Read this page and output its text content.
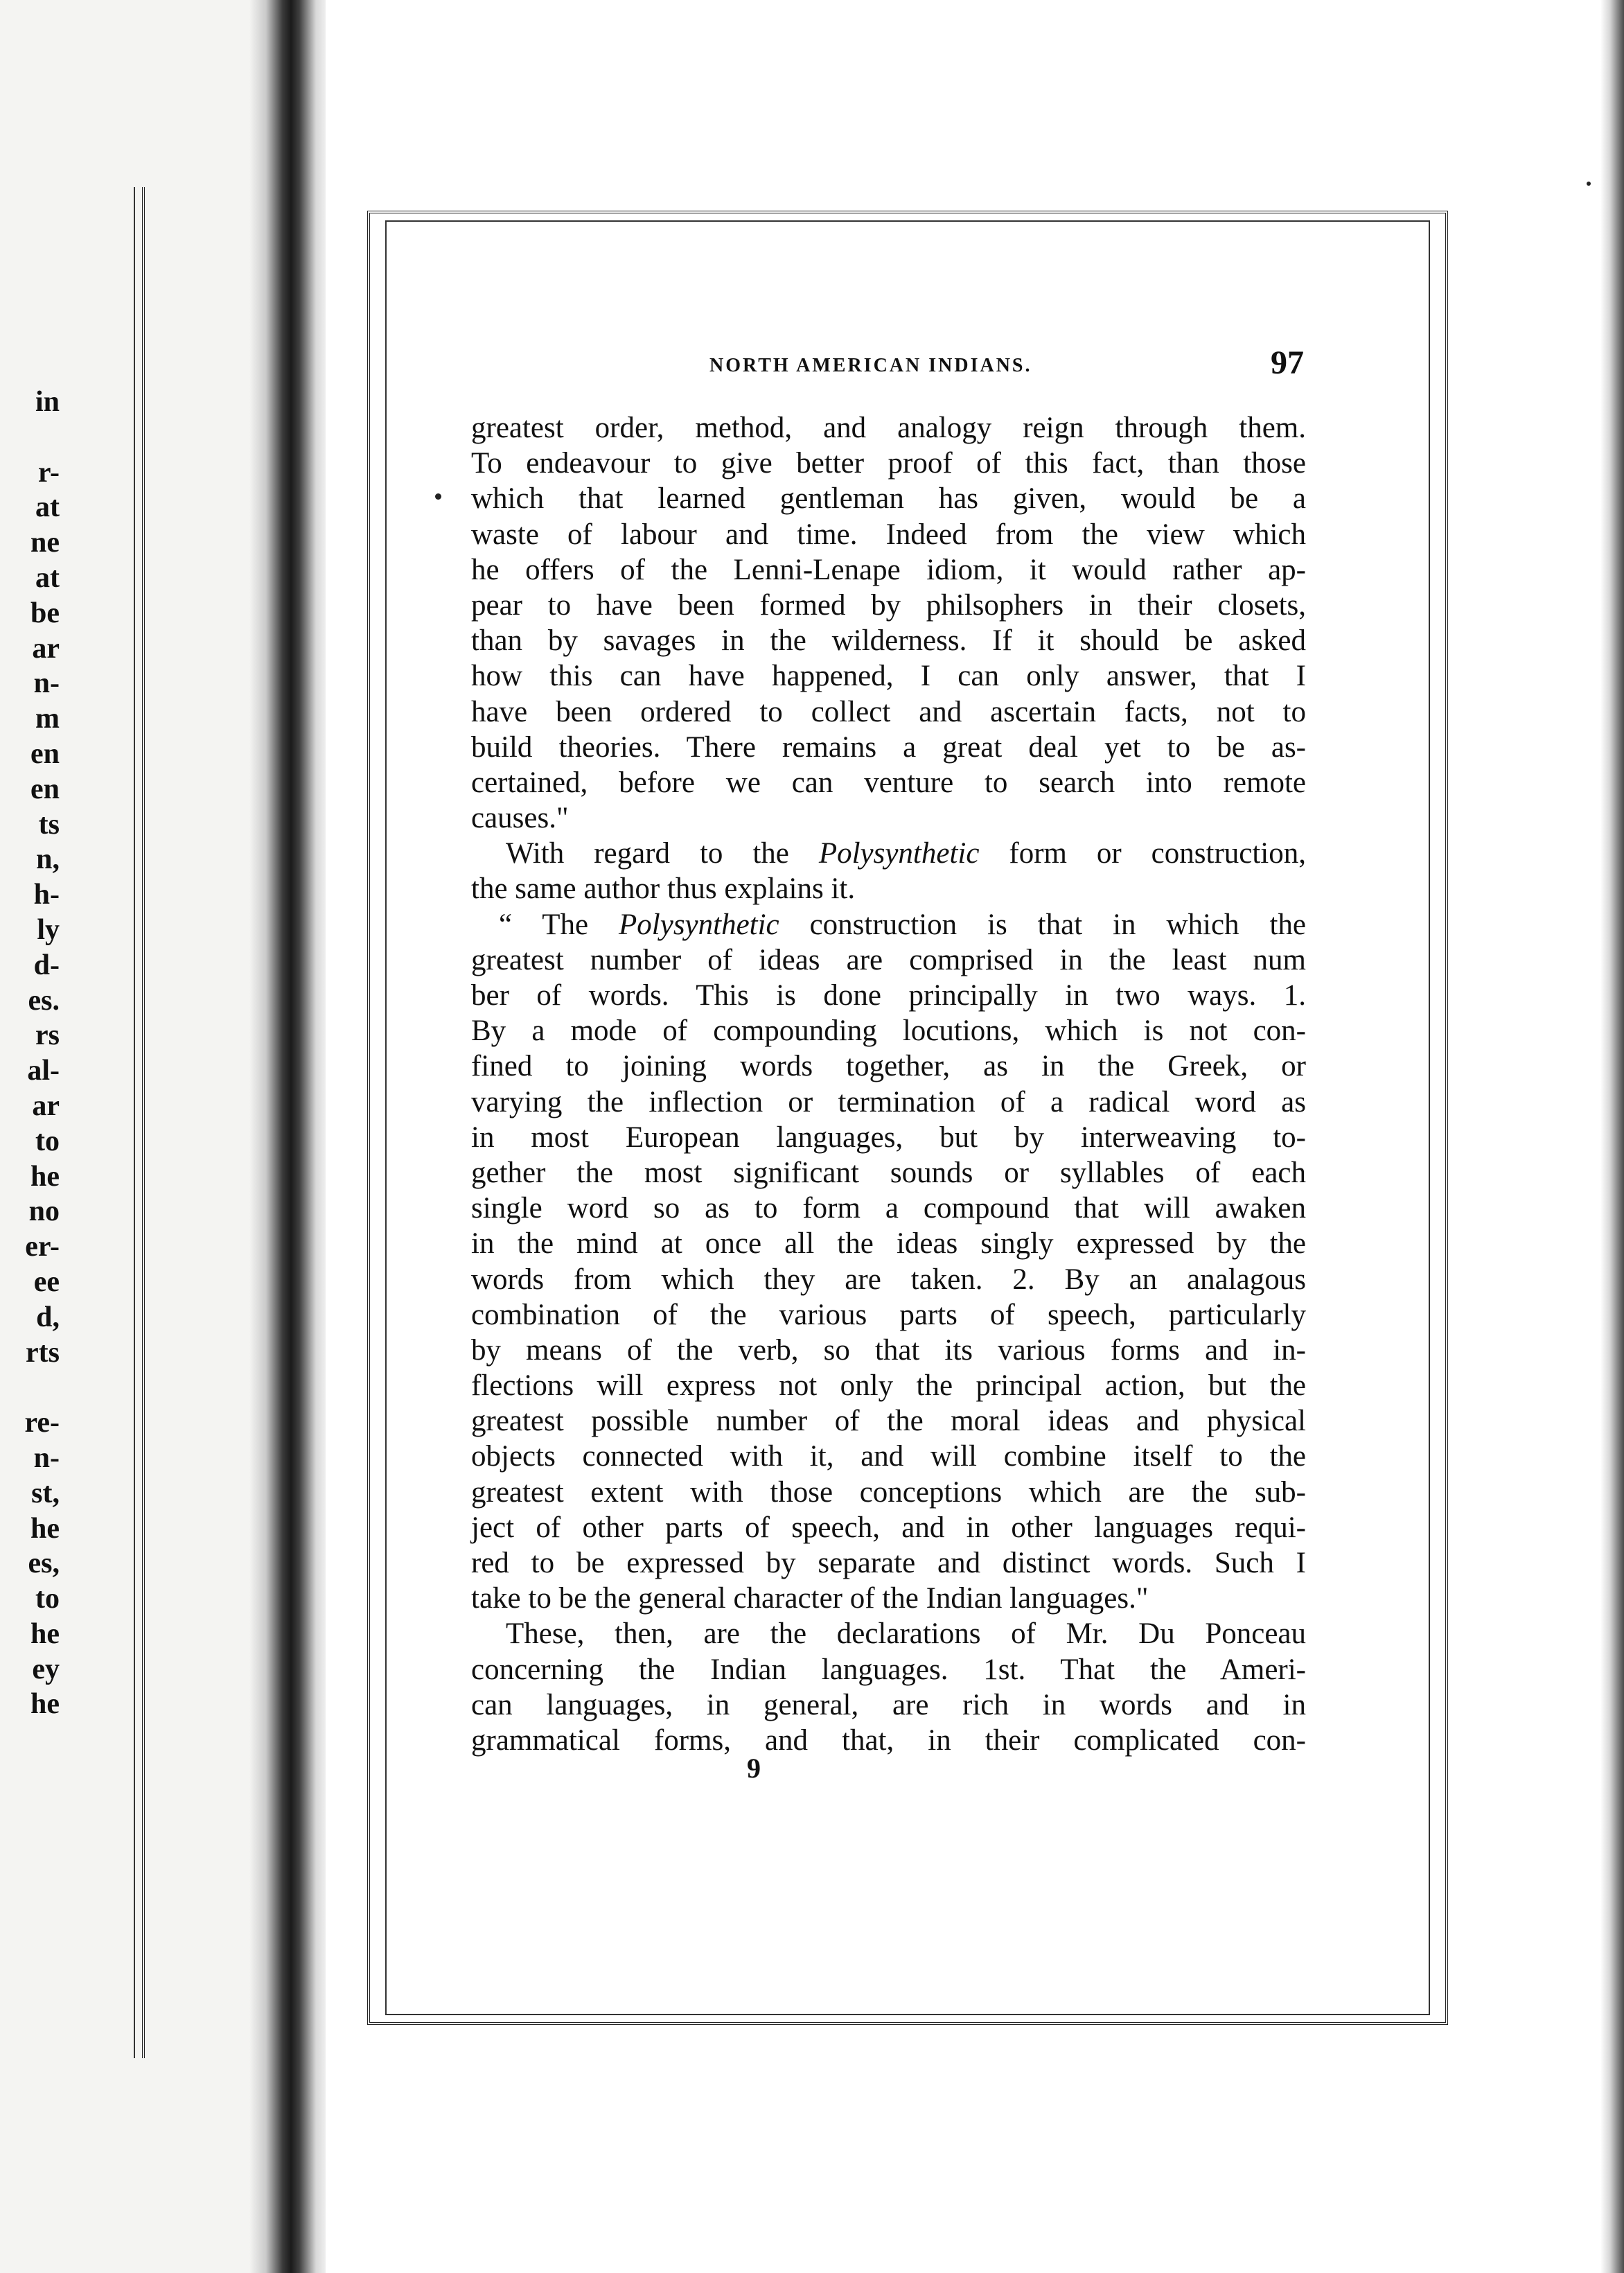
in
r-
at
ne
at
be
ar
n-
m
en
en
ts
n,
h-
ly
d-
es.
rs
al-
ar
to
he
no
er-
ee
d,
rts
re-
n-
st,
he
es,
to
he
ey
he
NORTH AMERICAN INDIANS.	97
greatest order, method, and analogy reign through them.
To endeavour to give better proof of this fact, than those
which that learned gentleman has given, would be a
waste of labour and time. Indeed from the view which
he offers of the Lenni-Lenape idiom, it would rather ap-
pear to have been formed by philsophers in their closets,
than by savages in the wilderness. If it should be asked
how this can have happened, I can only answer, that I
have been ordered to collect and ascertain facts, not to
build theories. There remains a great deal yet to be as-
certained, before we can venture to search into remote
causes."
With regard to the Polysynthetic form or construction,
the same author thus explains it.
“ The Polysynthetic construction is that in which the
greatest number of ideas are comprised in the least num
ber of words. This is done principally in two ways. 1.
By a mode of compounding locutions, which is not con-
fined to joining words together, as in the Greek, or
varying the inflection or termination of a radical word as
in most European languages, but by interweaving to-
gether the most significant sounds or syllables of each
single word so as to form a compound that will awaken
in the mind at once all the ideas singly expressed by the
words from which they are taken. 2. By an analagous
combination of the various parts of speech, particularly
by means of the verb, so that its various forms and in-
flections will express not only the principal action, but the
greatest possible number of the moral ideas and physical
objects connected with it, and will combine itself to the
greatest extent with those conceptions which are the sub-
ject of other parts of speech, and in other languages requi-
red to be expressed by separate and distinct words. Such I
take to be the general character of the Indian languages."
These, then, are the declarations of Mr. Du Ponceau
concerning the Indian languages. 1st. That the Ameri-
can languages, in general, are rich in words and in
grammatical forms, and that, in their complicated con-
9
